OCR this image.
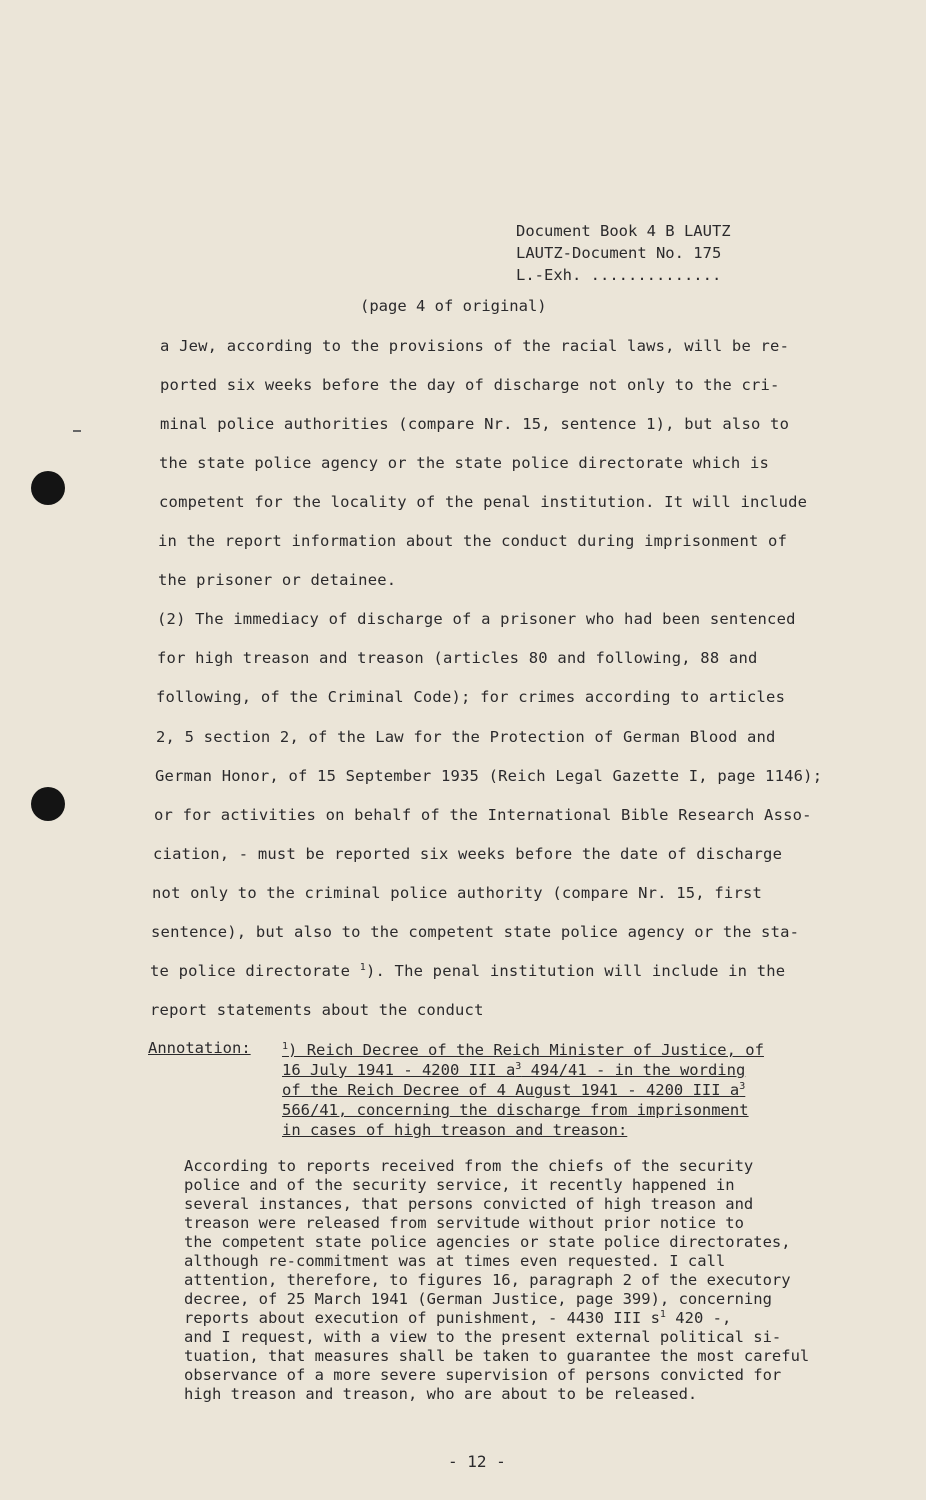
Document Book 4 B LAUTZ
LAUTZ-Document No. 175
L.-Exh. ..............
(page 4 of original)
a Jew, according to the provisions of the racial laws, will be re-
ported six weeks before the day of discharge not only to the cri-
minal police authorities (compare Nr. 15, sentence 1), but also to
the state police agency or the state police directorate which is
competent for the locality of the penal institution. It will include
in the report information about the conduct during imprisonment of
the prisoner or detainee.
(2) The immediacy of discharge of a prisoner who had been sentenced
for high treason and treason (articles 80 and following, 88 and
following, of the Criminal Code); for crimes according to articles
2, 5 section 2, of the Law for the Protection of German Blood and
German Honor, of 15 September 1935 (Reich Legal Gazette I, page 1146);
or for activities on behalf of the International Bible Research Asso-
ciation, - must be reported six weeks before the date of discharge
not only to the criminal police authority (compare Nr. 15, first
sentence), but also to the competent state police agency or the sta-
te police directorate $^1$). The penal institution will include in the
report statements about the conduct
Annotation:	$^1$) Reich Decree of the Reich Minister of Justice, of
16 July 1941 - 4200 III $a^3$ 494/41 - in the wording
of the Reich Decree of 4 August 1941 - 4200 III $a^3$
566/41, concerning the discharge from imprisonment
in cases of high treason and treason:
According to reports received from the chiefs of the security
police and of the security service, it recently happened in
several instances, that persons convicted of high treason and
treason were released from servitude without prior notice to
the competent state police agencies or state police directorates,
although re-commitment was at times even requested. I call
attention, therefore, to figures 16, paragraph 2 of the executory
decree, of 25 March 1941 (German Justice, page 399), concerning
reports about execution of punishment, - 4430 III $s^1$ 420 -,
and I request, with a view to the present external political si-
tuation, that measures shall be taken to guarantee the most careful
observance of a more severe supervision of persons convicted for
high treason and treason, who are about to be released.
- 12 -
